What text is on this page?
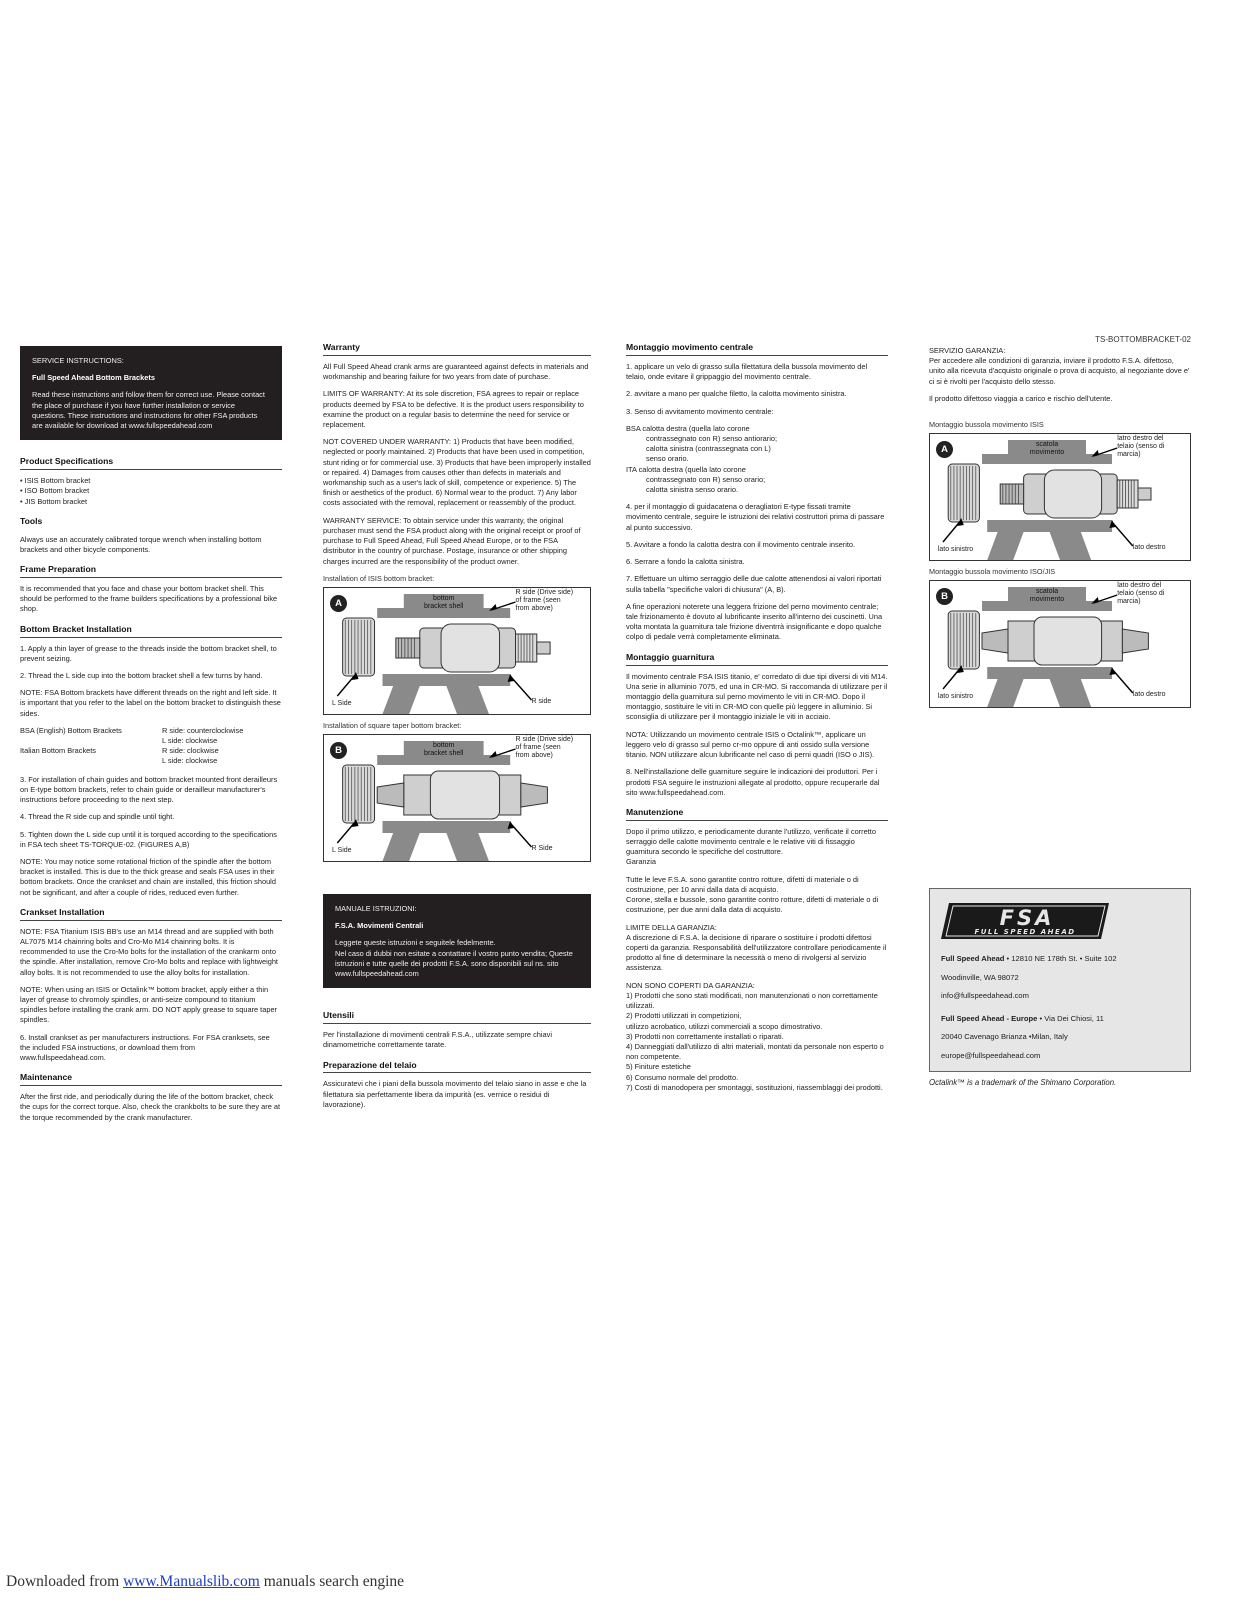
TS-BOTTOMBRACKET-02

SERVICE INSTRUCTIONS:

Full Speed Ahead Bottom Brackets

Read these instructions and follow them for correct use. Please contact the place of purchase if you have further installation or service questions. These instructions and instructions for other FSA products are available for download at www.fullspeedahead.com

Product Specifications
• ISIS Bottom bracket
• ISO Bottom bracket
• JIS Bottom bracket
Tools

Always use an accurately calibrated torque wrench when installing bottom brackets and other bicycle components.

Frame Preparation

It is recommended that you face and chase your bottom bracket shell. This should be performed to the frame builders specifications by a professional bike shop.

Bottom Bracket Installation

1. Apply a thin layer of grease to the threads inside the bottom bracket shell, to prevent seizing.

2. Thread the L side cup into the bottom bracket shell a few turns by hand.

NOTE: FSA Bottom brackets have different threads on the right and left side. It is important that you refer to the label on the bottom bracket to distinguish these sides.

BSA (English) Bottom Brackets	R side: counterclockwise
L side: clockwise
Italian Bottom Brackets	R side: clockwise
L side: clockwise

3. For installation of chain guides and bottom bracket mounted front derailleurs on E-type bottom brackets, refer to chain guide or derailleur manufacturer's instructions before proceeding to the next step.

4. Thread the R side cup and spindle until tight.

5. Tighten down the L side cup until it is torqued according to the specifications in FSA tech sheet TS-TORQUE-02. (FIGURES A,B)

NOTE: You may notice some rotational friction of the spindle after the bottom bracket is installed. This is due to the thick grease and seals FSA uses in their bottom brackets. Once the crankset and chain are installed, this friction should not be significant, and after a couple of rides, reduced even further.

Crankset Installation

NOTE: FSA Titanium ISIS BB's use an M14 thread and are supplied with both AL7075 M14 chainring bolts and Cro-Mo M14 chainring bolts. It is recommended to use the Cro-Mo bolts for the installation of the crankarm onto the spindle. After installation, remove Cro-Mo bolts and replace with lightweight alloy bolts. It is not recommended to use the alloy bolts for installation.

NOTE: When using an ISIS or Octalink™ bottom bracket, apply either a thin layer of grease to chromoly spindles, or anti-seize compound to titanium spindles before installing the crank arm. DO NOT apply grease to square taper spindles.

6. Install crankset as per manufacturers instructions. For FSA cranksets, see the included FSA instructions, or download them from www.fullspeedahead.com.

Maintenance

After the first ride, and periodically during the life of the bottom bracket, check the cups for the correct torque. Also, check the crankbolts to be sure they are at the torque recommended by the crank manufacturer.

Warranty

All Full Speed Ahead crank arms are guaranteed against defects in materials and workmanship and bearing failure for two years from date of purchase.

LIMITS OF WARRANTY: At its sole discretion, FSA agrees to repair or replace products deemed by FSA to be defective. It is the product users responsibility to examine the product on a regular basis to determine the need for service or replacement.

NOT COVERED UNDER WARRANTY: 1) Products that have been modified, neglected or poorly maintained. 2) Products that have been used in competition, stunt riding or for commercial use. 3) Products that have been improperly installed or repaired. 4) Damages from causes other than defects in materials and workmanship such as a user's lack of skill, competence or experience. 5) The finish or aesthetics of the product. 6) Normal wear to the product. 7) Any labor costs associated with the removal, replacement or reassembly of the product.

WARRANTY SERVICE: To obtain service under this warranty, the original purchaser must send the FSA product along with the original receipt or proof of purchase to Full Speed Ahead, Full Speed Ahead Europe, or to the FSA distributor in the country of purchase. Postage, insurance or other shipping charges incurred are the responsibility of the product owner.

Installation of ISIS bottom bracket:
A	bottom
bracket shell
R side (Drive side)
of frame (seen
from above)
L Side	R side
Installation of square taper bottom bracket:
B	bottom
bracket shell
R side (Drive side)
of frame (seen
from above)
L Side	R Side

MANUALE ISTRUZIONI:

F.S.A. Movimenti Centrali

Leggete queste istruzioni e seguitele fedelmente.
Nel caso di dubbi non esitate a contattare il vostro punto vendita; Queste istruzioni e tutte quelle dei prodotti F.S.A. sono disponibili sul ns. sito www.fullspeedahead.com

Utensili

Per l'installazione di movimenti centrali F.S.A., utilizzate sempre chiavi dinamometriche correttamente tarate.

Preparazione del telaio

Assicuratevi che i piani della bussola movimento del telaio siano in asse e che la filettatura sia perfettamente libera da impurità (es. vernice o residui di lavorazione).

Montaggio movimento centrale

1. applicare un velo di grasso sulla filettatura della bussola movimento del telaio, onde evitare il grippaggio del movimento centrale.

2. avvitare a mano per qualche filetto, la calotta movimento sinistra.

3. Senso di avvitamento movimento centrale:

BSA calotta destra (quella lato corone
contrassegnato con R) senso antiorario;
calotta sinistra (contrassegnata con L)
senso orario.
ITA calotta destra (quella lato corone
contrassegnato con R) senso orario;
calotta sinistra senso orario.

4. per il montaggio di guidacatena o deragliatori E-type fissati tramite movimento centrale, seguire le istruzioni dei relativi costruttori prima di passare al punto successivo.

5. Avvitare a fondo la calotta destra con il movimento centrale inserito.

6. Serrare a fondo la calotta sinistra.

7. Effettuare un ultimo serraggio delle due calotte attenendosi ai valori riportati sulla tabella "specifiche valori di chiusura" (A, B).

A fine operazioni noterete una leggera frizione del perno movimento centrale; tale frizionamento è dovuto al lubrificante inserito all'interno dei cuscinetti. Una volta montata la guarnitura tale frizione diventrrà insignificante e dopo qualche colpo di pedale verrà completamente eliminata.

Montaggio guarnitura

Il movimento centrale FSA ISIS titanio, e' corredato di due tipi diversi di viti M14. Una serie in alluminio 7075, ed una in CR-MO. Si raccomanda di utilizzare per il montaggio della guarnitura sul perno movimento le viti in CR-MO. Dopo il montaggio, sostituire le viti in CR-MO con quelle più leggere in alluminio. Si sconsiglia di utilizzare per il montaggio iniziale le viti in acciaio.

NOTA: Utilizzando un movimento centrale ISIS o Octalink™, applicare un leggero velo di grasso sul perno cr-mo oppure di anti ossido sulla versione titanio. NON utilizzare alcun lubrificante nel caso di perni quadri (ISO o JIS).

8. Nell'installazione delle guarniture seguire le indicazioni dei produttori. Per i prodotti FSA seguire le instruzioni allegate al prodotto, oppure recuperarle dal sito www.fullspeedahead.com.

Manutenzione

Dopo il primo utilizzo, e periodicamente durante l'utilizzo, verificate il corretto serraggio delle calotte movimento centrale e le relative viti di fissaggio guarnitura secondo le specifiche del costruttore.
Garanzia

Tutte le leve F.S.A. sono garantite contro rotture, difetti di materiale o di costruzione, per 10 anni dalla data di acquisto.
Corone, stella e bussole, sono garantite contro rotture, difetti di materiale o di costruzione, per due anni dalla data di acquisto.

LIMITE DELLA GARANZIA:
A discrezione di F.S.A. la decisione di riparare o sostituire i prodotti difettosi coperti da garanzia. Responsabilità dell'utilizzatore controllare periodicamente il prodotto al fine di determinare la necessità o meno di rivolgersi al servizio assistenza.

NON SONO COPERTI DA GARANZIA:
1) Prodotti che sono stati modificati, non manutenzionati o non correttamente utilizzati.
2) Prodotti utilizzati in competizioni,
utilizzo acrobatico, utilizzi commerciali a scopo dimostrativo.
3) Prodotti non correttamente installati o riparati.
4) Danneggiati dall'utilizzo di altri materiali, montati da personale non esperto o non competente.
5) Finiture estetiche
6) Consumo normale del prodotto.
7) Costi di manodopera per smontaggi, sostituzioni, riassemblaggi dei prodotti.

SERVIZIO GARANZIA:
Per accedere alle condizioni di garanzia, inviare il prodotto F.S.A. difettoso, unito alla ricevuta d'acquisto originale o prova di acquisto, al negoziante dove e' ci si è rivolti per l'acquisto dello stesso.

Il prodotto difettoso viaggia a carico e rischio dell'utente.

Montaggio bussola movimento ISIS
A	scatola
movimento
latro destro del
telaio (senso di
marcia)
lato sinistro	lato destro
Montaggio bussola movimento ISO/JIS
B	scatola
movimento
lato destro del
telaio (senso di
marcia)
lato sinistro	lato destro
FSA
FULL SPEED AHEAD

Full Speed Ahead • 12810 NE 178th St. • Suite 102

Woodinville, WA 98072

info@fullspeedahead.com

Full Speed Ahead - Europe • Via Dei Chiosi, 11

20040 Cavenago Brianza •Milan, Italy

europe@fullspeedahead.com

Octalink™ is a trademark of the Shimano Corporation.
Downloaded from www.Manualslib.com manuals search engine
